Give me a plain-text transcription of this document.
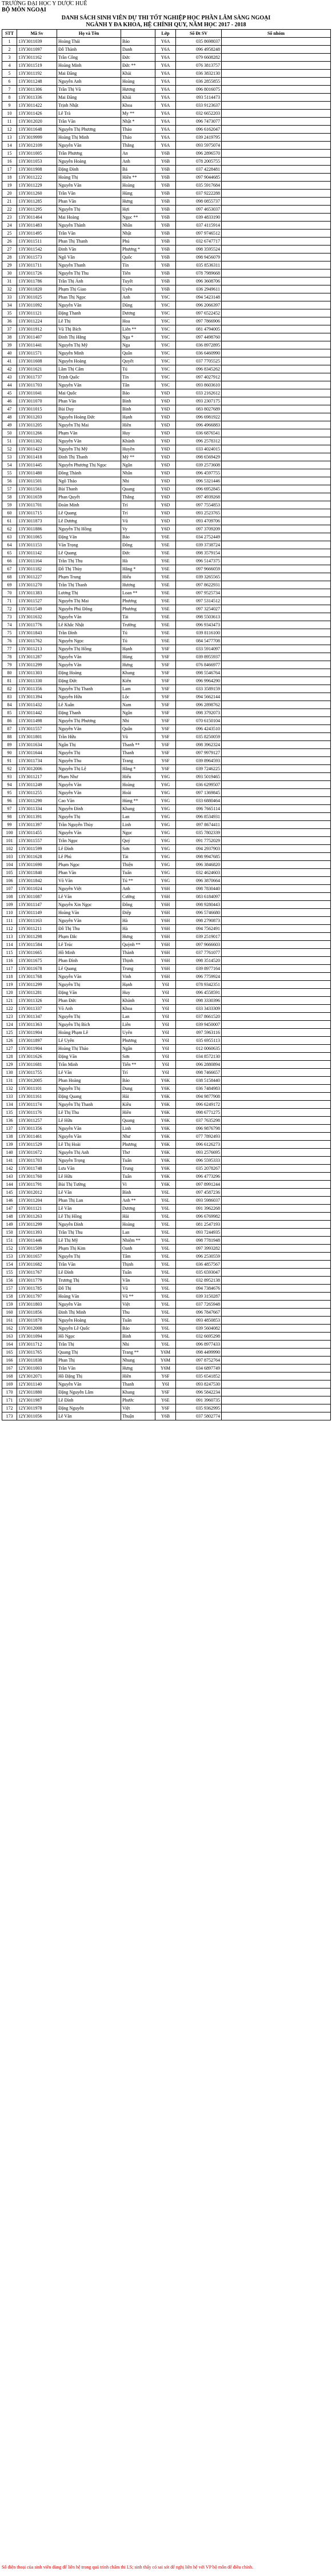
TRƯỜNG ĐẠI HỌC Y DƯỢC HUẾ
BỘ MÔN NGOẠI
DANH SÁCH SINH VIÊN DỰ THI TỐT NGHIỆP HỌC PHẦN LÂM SÀNG NGOẠI
NGÀNH Y ĐA KHOA, HỆ CHÍNH QUY, NĂM HỌC 2017 - 2018
STT	Mã Sv	Họ và Tên		Lớp	Số Đt SV	Số nhóm
1	13Y3011039	Hoàng Thái	Bảo	Y6A	035 8698037	
2	13Y3011097	Đỗ Thành	Danh	Y6A	096 4958248	
3	13Y3011162	Trần Công	Đức	Y6A	079 6608282	
4	13Y3011519	Hoàng Minh	Đức **	Y6A	076 3813757	
5	13Y3011192	Mai Đăng	Khải	Y6A	036 3832130	
6	13Y3011248	Nguyễn Anh	Hoàng	Y6A	036 2855855	
7	13Y3011306	Trần Thị Vũ	Hương	Y6A	096 8016075	
8	13Y3011336	Mai Đăng	Khải	Y6A	093 5114473	
9	13Y3011422	Trịnh Nhật	Khoa	Y6A	033 9123637	
10	13Y3011426	Lê Trà	My **	Y6A	032 6652203	
11	13Y3012020	Trần Văn	Nhật *	Y6A	096 7473077	
12	13Y3011648	Nguyễn Thị Phương	Thảo	Y6A	096 6162047	
13	13Y3019999	Hoàng Thị Minh	Thảo	Y6A	039 2419795	
14	13Y3012109	Nguyễn Văn	Thắng	Y6A	093 5975074	
15	13Y3011005	Trần Phương	An	Y6B	096 2896570	
16	13Y3011053	Nguyễn Hoàng	Anh	Y6B	078 2005755	
17	13Y3011908	Đặng Đình	Bá	Y6B	037 4228481	
18	13Y3011222	Hoàng Thị	Hiền **	Y6B	097 9044685	
19	13Y3011229	Nguyễn Văn	Hoàng	Y6B	035 5917684	
20	13Y3011260	Trần Văn	Hùng	Y6B	037 9222288	
21	13Y3011285	Phan Văn	Hưng	Y6B	098 0855737	
22	13Y3011295	Nguyễn Thị	Hợi	Y6B	097 4653037	
23	13Y3011464	Mai Hoàng	Ngọc **	Y6B	039 4833190	
24	13Y3011483	Nguyễn Thành	Nhân	Y6B	037 4115914	
25	13Y3011495	Trần Văn	Nhật	Y6B	097 9746512	
26	13Y3011511	Phan Thị Thanh	Phú	Y6B	032 6747717	
27	13Y3011542	Đinh Văn	Phương *	Y6B	098 3595524	
28	13Y3011573	Ngô Văn	Quốc	Y6B	098 9456079	
29	13Y3011711	Nguyễn Thanh	Tín	Y6B	035 8536311	
30	13Y3011726	Nguyễn Thị Thu	Tiên	Y6B	078 7989668	
31	13Y3011786	Trần Thị Ánh	Tuyết	Y6B	096 3608706	
32	13Y3011820	Phạm Thị Giao	Uyên	Y6B	036 2949611	
33	13Y3011025	Phan Thị Ngọc	Anh	Y6C	094 5423148	
34	13Y3011092	Nguyễn Văn	Dũng	Y6C	096 2066397	
35	13Y3011121	Đặng Thanh	Dương	Y6C	097 6522452	
36	13Y3011224	Lê Thị	Hoa	Y6C	097 7866906	
37	13Y3011912	Vũ Thị Bích	Liên **	Y6C	081 4794005	
38	13Y3011407	Đinh Thị Hằng	Nga *	Y6C	097 4498760	
39	13Y3011441	Nguyễn Thị Mỹ	Nga	Y6C	036 8972895	
40	13Y3011571	Nguyễn Minh	Quân	Y6C	036 6460990	
41	13Y3011608	Nguyễn Hoàng	Quyết	Y6C	037 7705525	
42	13Y3011621	Lâm Thị Cẩm	Tú	Y6C	096 8345262	
43	13Y3011737	Trịnh Quốc	Tín	Y6C	097 4027912	
44	13Y3011703	Nguyễn Văn	Tân	Y6C	093 8603610	
45	13Y3011041	Mai Quốc	Bảo	Y6D	033 2162612	
46	13Y3011070	Phan Văn	Bình	Y6D	093 2307175	
47	13Y3011015	Bùi Duy	Bình	Y6D	083 8027689	
48	13Y3011203	Nguyễn Hoàng Đức	Hạnh	Y6D	096 6981922	
49	13Y3011205	Nguyễn Thị Mai	Hiền	Y6D	096 4966883	
50	13Y3011266	Phạm Văn	Huy	Y6D	036 6876541	
51	13Y3011302	Nguyễn Văn	Khánh	Y6D	096 2578312	
52	13Y3011423	Nguyễn Thị Mỹ	Huyền	Y6D	033 4024015	
53	13Y3011418	Đinh Thị Thanh	Mỹ **	Y6D	098 6569429	
54	13Y3011445	Nguyễn Phương Thị Ngọc	Ngân	Y6D	039 2573608	
55	13Y3011480	Đồng Thành	Nhân	Y6D	096 4597755	
56	13Y3011501	Ngô Thảo	Nhi	Y6D	096 5321446	
57	13Y3011561	Bùi Thanh	Quang	Y6D	096 6952845	
58	13Y3011659	Phan Quyết	Thắng	Y6D	097 4939268	
59	13Y3011701	Đoàn Minh	Trí	Y6D	097 7554853	
60	13Y3011715	Lê Quang	Trí	Y6D	093 2523765	
61	13Y3011873	Lê Dương	Vũ	Y6D	093 4709706	
62	13Y3011886	Nguyễn Thị Hồng	Vy	Y6D	097 3709209	
63	13Y3011065	Đặng Văn	Bảo	Y6E	034 2752449	
64	13Y3011153	Văn Trọng	Đông	Y6E	039 3738724	
65	13Y3011142	Lê Quang	Đức	Y6E	098 3579154	
66	13Y3011164	Trần Thị Thu	Hà	Y6E	096 5147375	
67	13Y3011182	Đỗ Thị Thùy	Hằng *	Y6E	097 9666059	
68	13Y3011227	Phạm Trung	Hiếu	Y6E	039 3265565	
69	13Y3011270	Trần Thị Thanh	Hương	Y6E	097 8622931	
70	13Y3011383	Lương Thị	Loan **	Y6E	097 9525734	
71	13Y3011527	Nguyễn Thị Mai	Phương	Y6E	097 5314512	
72	13Y3011549	Nguyễn Phú Đông	Phương	Y6E	097 3254027	
73	13Y3011632	Nguyễn Văn	Tài	Y6E	098 5503613	
74	13Y3011776	Lê Khắc Nhật	Trường	Y6E	096 9343473	
75	13Y3011843	Trần Đình	Tú	Y6E	039 8116100	
76	13Y3011762	Nguyễn Ngọc	Tú	Y6E	084 5477708	
77	13Y3011213	Nguyễn Thị Hồng	Hạnh	Y6F	033 5914097	
78	13Y3011287	Nguyễn Văn	Hùng	Y6F	039 8955937	
79	13Y3011299	Nguyễn Văn	Hưng	Y6F	076 8466977	
80	13Y3011303	Đặng Hoàng	Khang	Y6F	098 5546764	
81	13Y3011330	Đặng Đức	Kiên	Y6F	096 9964290	
82	13Y3011356	Nguyễn Thị Thanh	Lam	Y6F	033 3589159	
83	13Y3011394	Nguyễn Hữu	Lộc	Y6F	094 5662144	
84	13Y3011432	Lê Xuân	Nam	Y6F	096 2898762	
85	13Y3011442	Đặng Thanh	Ngân	Y6F	098 3792073	
86	13Y3011498	Nguyễn Thị Phương	Nhi	Y6F	070 6150104	
87	13Y3011557	Nguyễn Văn	Quân	Y6F	096 4243510	
88	13Y3011801	Trần Hữu	Vũ	Y6F	035 8250059	
89	13Y3011634	Ngân Thị	Thanh **	Y6F	098 3962324	
90	13Y3011644	Nguyễn Thị	Thanh	Y6F	097 9979127	
91	13Y3011734	Nguyễn Thu	Trang	Y6F	039 8964593	
92	13Y3012006	Nguyễn Thị Lệ	Hằng *	Y6F	039 7246225	
93	13Y3011217	Phạm Như	Hiếu	Y6G	093 5019465	
94	13Y3011249	Nguyễn Văn	Hoàng	Y6G	036 6299507	
95	13Y3011255	Nguyễn Văn	Hoài	Y6G	097 1369845	
96	13Y3011290	Cao Văn	Hùng **	Y6G	033 6880464	
97	13Y3011334	Nguyễn Đình	Khang	Y6G	096 7665114	
98	13Y3011391	Nguyễn Thị	Lan	Y6G	096 8534931	
99	13Y3011397	Trần Nguyễn Thùy	Linh	Y6G	097 8674411	
100	13Y3011455	Nguyễn Văn	Ngọc	Y6G	035 7802339	
101	13Y3011557	Trần Ngọc	Quý	Y6G	091 7752029	
102	13Y3011599	Lê Đình	Sơn	Y6G	094 2937903	
103	13Y3011628	Lê Phú	Tài	Y6G	098 9947685	
104	13Y3011690	Phạm Ngọc	Thiện	Y6G	096 3846820	
105	13Y3011840	Phan Văn	Tuấn	Y6G	032 4624603	
106	13Y3011842	Võ Văn	Tú **	Y6G	096 3870664	
107	13Y3011024	Nguyễn Việt	Anh	Y6H	098 7830440	
108	13Y3011087	Lê Văn	Cường	Y6H	083 6184097	
109	13Y3011147	Nguyễn Xin Ngọc	Đông	Y6H	098 9280443	
110	13Y3011149	Hoàng Văn	Điệp	Y6H	096 5746680	
111	13Y3011163	Nguyễn Văn	Hà	Y6H	098 2790873	
112	13Y3011211	Đỗ Thị Thu	Hà	Y6H	094 7562491	
113	13Y3011298	Phạm Đắc	Hưng	Y6H	039 2519017	
114	13Y3011584	Lê Trúc	Quỳnh **	Y6H	097 9666603	
115	13Y3011665	Hồ Minh	Thành	Y6H	037 7761077	
116	13Y3011675	Phan Đình	Thịnh	Y6H	098 3514520	
117	13Y3011678	Lê Quang	Trung	Y6H	039 8977164	
118	13Y3011768	Nguyễn Văn	Vinh	Y6H	096 7759924	
119	13Y3011299	Nguyễn Thị	Hạnh	Y6I	078 9342351	
120	13Y3011281	Đặng Văn	Huy	Y6I	096 4558591	
121	13Y3011326	Phan Đức	Khánh	Y6I	098 3330396	
122	13Y3011337	Võ Anh	Khoa	Y6I	033 3433309	
123	13Y3011347	Nguyễn Thị	Lan	Y6I	037 8661520	
124	13Y3011363	Nguyễn Thị Bích	Liên	Y6I	039 9450007	
125	13Y3011904	Hoàng Phạm Lê	Uyên	Y6I	097 5963116	
126	13Y3011897	Lê Uyên	Phương	Y6I	035 6955113	
127	13Y3011904	Hoàng Thị Thảo	Ngân	Y6I	012 0060635	
128	13Y3011626	Đặng Văn	Sơn	Y6I	034 8572130	
129	13Y3011681	Trần Minh	Tiến **	Y6I	096 2880894	
130	13Y3011755	Lê Văn	Trí	Y6I	098 7466657	
131	13Y3012005	Phan Hoàng	Bảo	Y6K	038 5158440	
132	13Y3011101	Nguyễn Thị	Dung	Y6K	036 7484983	
133	13Y3011161	Đặng Quang	Hải	Y6K	094 9877908	
134	13Y3011174	Nguyễn Thị Thanh	Kiều	Y6K	096 6249172	
135	13Y3011176	Lê Thị Thu	Hiền	Y6K	098 6771275	
136	13Y3011257	Lê Hữu	Quang	Y6K	037 7635298	
137	13Y3011356	Nguyễn Văn	Linh	Y6K	096 9876798	
138	13Y3011461	Nguyễn Văn	Như	Y6K	077 7892493	
139	13Y3011529	Lê Thị Hoài	Phương	Y6K	096 6126273	
140	13Y3011672	Nguyễn Thị Anh	Thơ	Y6K	093 2576695	
141	13Y3011703	Nguyễn Trọng	Tuấn	Y6K	096 5595333	
142	13Y3011748	Lưu Văn	Trung	Y6K	035 2078267	
143	13Y3011760	Lê Hữu	Tuấn	Y6K	096 4773296	
144	13Y3011791	Bùi Thị Tường	Vi	Y6K	097 8991244	
145	13Y3012012	Lê Văn	Bình	Y6L	097 4587236	
146	13Y3011204	Phan Thị Lan	Anh **	Y6L	093 5986037	
147	13Y3011121	Lê Văn	Dương	Y6L	091 3962268	
148	13Y3011263	Lê Thị Hồng	Hải	Y6L	096 6769982	
149	13Y3011299	Nguyễn Đình	Hoàng	Y6L	081 2547193	
150	13Y3011393	Trần Thị Thu	Lan	Y6L	093 7244935	
151	13Y3011446	Lê Thị Mỹ	Nhiệm **	Y6L	098 7781948	
152	13Y3011509	Phạm Thị Kim	Oanh	Y6L	097 3993282	
153	13Y3011657	Nguyễn Thị	Tâm	Y6L	096 2530559	
154	13Y3011682	Trần Văn	Thịnh	Y6L	036 4857567	
155	13Y3011767	Lê Đình	Tuấn	Y6L	035 6593047	
156	13Y3011779	Trương Thị	Vân	Y6L	032 8952138	
157	13Y3011785	Đỗ Thị	Vũ	Y6L	094 7384676	
158	13Y3011797	Hoàng Văn	Vũ **	Y6L	039 3150287	
159	13Y3011803	Nguyễn Văn	Việt	Y6L	037 7265948	
160	13Y3011856	Đinh Thị Minh	Thu	Y6L	096 7847667	
161	13Y3011870	Nguyễn Hoàng	Tuấn	Y6L	093 4850853	
162	13Y3012008	Nguyễn Lê Quốc	Bảo	Y6L	039 5604082	
163	13Y3011094	Hồ Ngọc	Bình	Y6L	032 6695298	
164	13Y3011712	Trần Thị	Nhi	Y6L	096 8977433	
165	13Y3011765	Quang Thị	Trang **	Y6M	098 4499990	
166	13Y3011838	Phan Thị	Nhung	Y6M	097 8752764	
167	12Y3011003	Trần Văn	Hưng	Y6M	034 6897749	
168	12Y3012071	Hồ Đặng Thị	Hiền	Y6F	035 6541852	
169	12Y3011140	Nguyễn Văn	Thanh	Y6I	093 8247530	
170	12Y3011880	Đặng Nguyễn Lâm	Khang	Y6F	096 5842234	
171	12Y3011987	Lê Đình	Phước	Y6E	091 3960735	
172	12Y3011978	Đặng Nguyễn	Việt	Y6F	035 9362995	
173	12Y3011056	Lê Văn	Thuận	Y6B	037 5802774	
Số điện thoại của sinh viên dùng để liên hệ trong quá trình chấm thi LS; sinh thấy có sai sót để nghị liên hệ với VP bộ môn để điều chỉnh.
